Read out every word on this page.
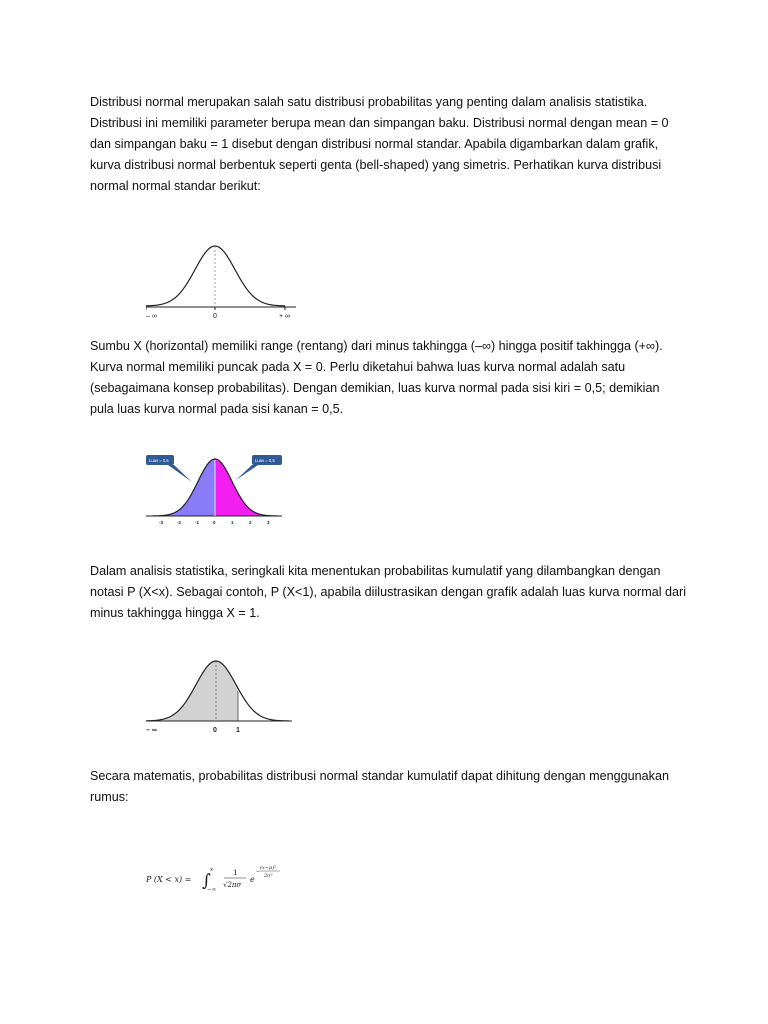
Distribusi normal merupakan salah satu distribusi probabilitas yang penting dalam analisis statistika.
Distribusi ini memiliki parameter berupa mean dan simpangan baku. Distribusi normal dengan mean = 0
dan simpangan baku = 1 disebut dengan distribusi normal standar. Apabila digambarkan dalam grafik,
kurva distribusi normal berbentuk seperti genta (bell-shaped) yang simetris. Perhatikan kurva distribusi
normal normal standar berikut:
– ∞	0	+ ∞
Sumbu X (horizontal) memiliki range (rentang) dari minus takhingga (–∞) hingga positif takhingga (+∞).
Kurva normal memiliki puncak pada X = 0. Perlu diketahui bahwa luas kurva normal adalah satu
(sebagaimana konsep probabilitas). Dengan demikian, luas kurva normal pada sisi kiri = 0,5; demikian
pula luas kurva normal pada sisi kanan = 0,5.
Luas = 0,5	Luas = 0,5
-3	-2	-1	0	1	2	3
Dalam analisis statistika, seringkali kita menentukan probabilitas kumulatif yang dilambangkan dengan
notasi P (X<x). Sebagai contoh, P (X<1), apabila diilustrasikan dengan grafik adalah luas kurva normal dari
minus takhingga hingga X = 1.
– ∞	0	1
Secara matematis, probabilitas distribusi normal standar kumulatif dapat dihitung dengan menggunakan
rumus:
P (X < x) = ∫
x
−∞
1
√2πσ
e
−
(x−μ)²
2σ²
